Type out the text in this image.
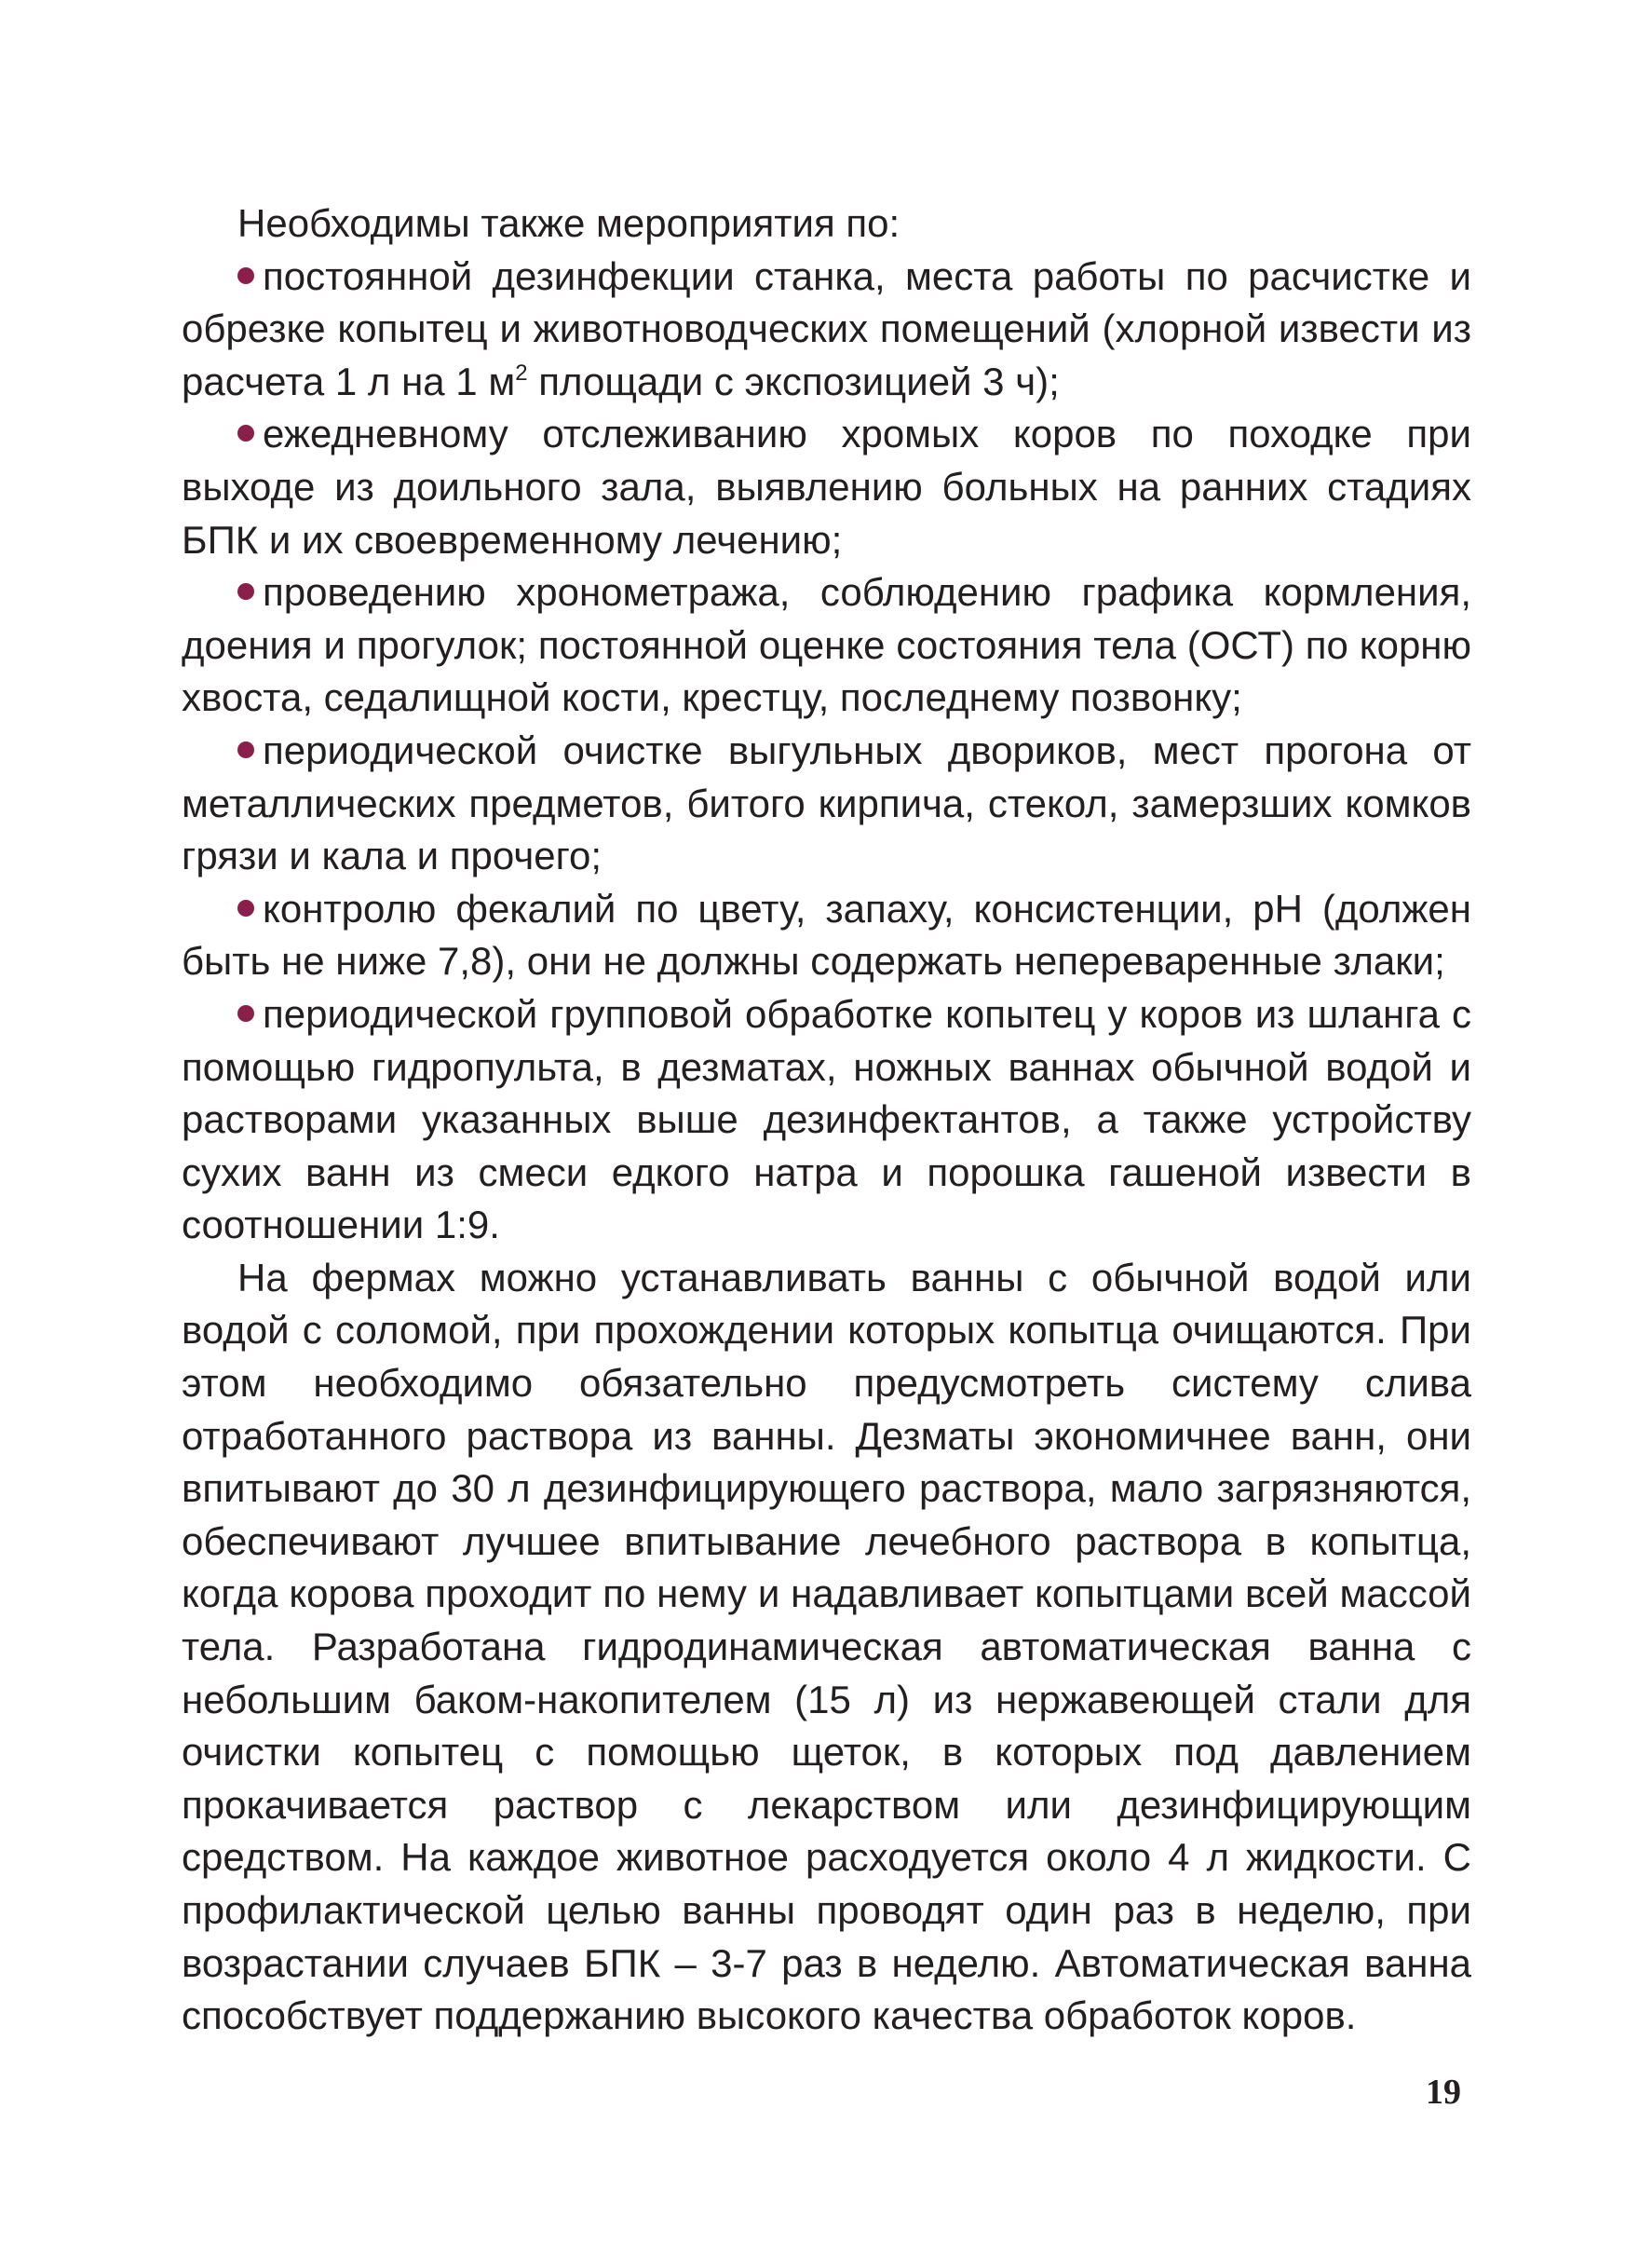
Необходимы также мероприятия по:

постоянной дезинфекции станка, места работы по расчистке и обрезке копытец и животноводческих помещений (хлорной извести из расчета 1 л на 1 $м^2$ площади с экспозицией 3 ч);

ежедневному отслеживанию хромых коров по походке при выходе из доильного зала, выявлению больных на ранних стадиях БПК и их своевременному лечению;

проведению хронометража, соблюдению графика кормления, доения и прогулок; постоянной оценке состояния тела (ОСТ) по корню хвоста, седалищной кости, крестцу, последнему позвонку;

периодической очистке выгульных двориков, мест прогона от металлических предметов, битого кирпича, стекол, замерзших комков грязи и кала и прочего;

контролю фекалий по цвету, запаху, консистенции, pH (должен быть не ниже 7,8), они не должны содержать непереваренные злаки;

периодической групповой обработке копытец у коров из шланга с помощью гидропульта, в дезматах, ножных ваннах обычной водой и растворами указанных выше дезинфектантов, а также устройству сухих ванн из смеси едкого натра и порошка гашеной извести в соотношении 1:9.

На фермах можно устанавливать ванны с обычной водой или водой с соломой, при прохождении которых копытца очищаются. При этом необходимо обязательно предусмотреть систему слива отработанного раствора из ванны. Дезматы экономичнее ванн, они впитывают до 30 л дезинфицирующего раствора, мало загрязняются, обеспечивают лучшее впитывание лечебного раствора в копытца, когда корова проходит по нему и надавливает копытцами всей массой тела. Разработана гидродинамическая автоматическая ванна с небольшим баком-накопителем (15 л) из нержавеющей стали для очистки копытец с помощью щеток, в которых под давлением прокачивается раствор с лекарством или дезинфицирующим средством. На каждое животное расходуется около 4 л жидкости. С профилактической целью ванны проводят один раз в неделю, при возрастании случаев БПК – 3-7 раз в неделю. Автоматическая ванна способствует поддержанию высокого качества обработок коров.

19
